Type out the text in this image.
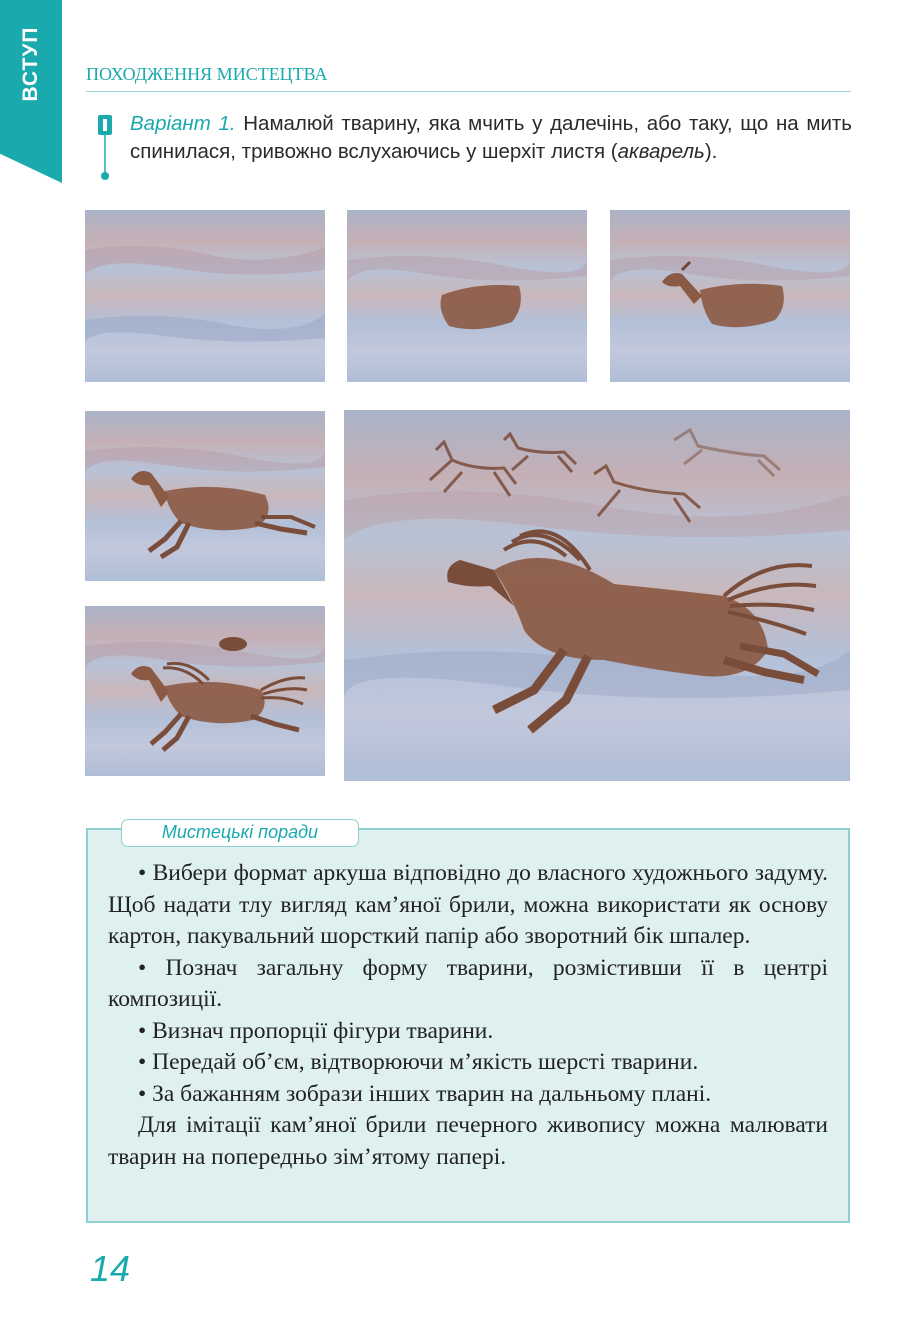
ВСТУП ПОХОДЖЕННЯ МИСТЕЦТВА
Варіант 1. Намалюй тварину, яка мчить у далечінь, або таку, що на мить спинилася, тривожно вслухаючись у шерхіт листя (акварель).
Мистецькі поради

• Вибери формат аркуша відповідно до власного художнього задуму. Щоб надати тлу вигляд кам’яної брили, можна використати як основу картон, пакувальний шорсткий папір або зворотний бік шпалер.

• Познач загальну форму тварини, розмістивши її в центрі композиції.

• Визнач пропорції фігури тварини.

• Передай об’єм, відтворюючи м’якість шерсті тварини.

• За бажанням зобрази інших тварин на дальньому плані.

Для імітації кам’яної брили печерного живопису можна малювати тварин на попередньо зім’ятому папері.

14
